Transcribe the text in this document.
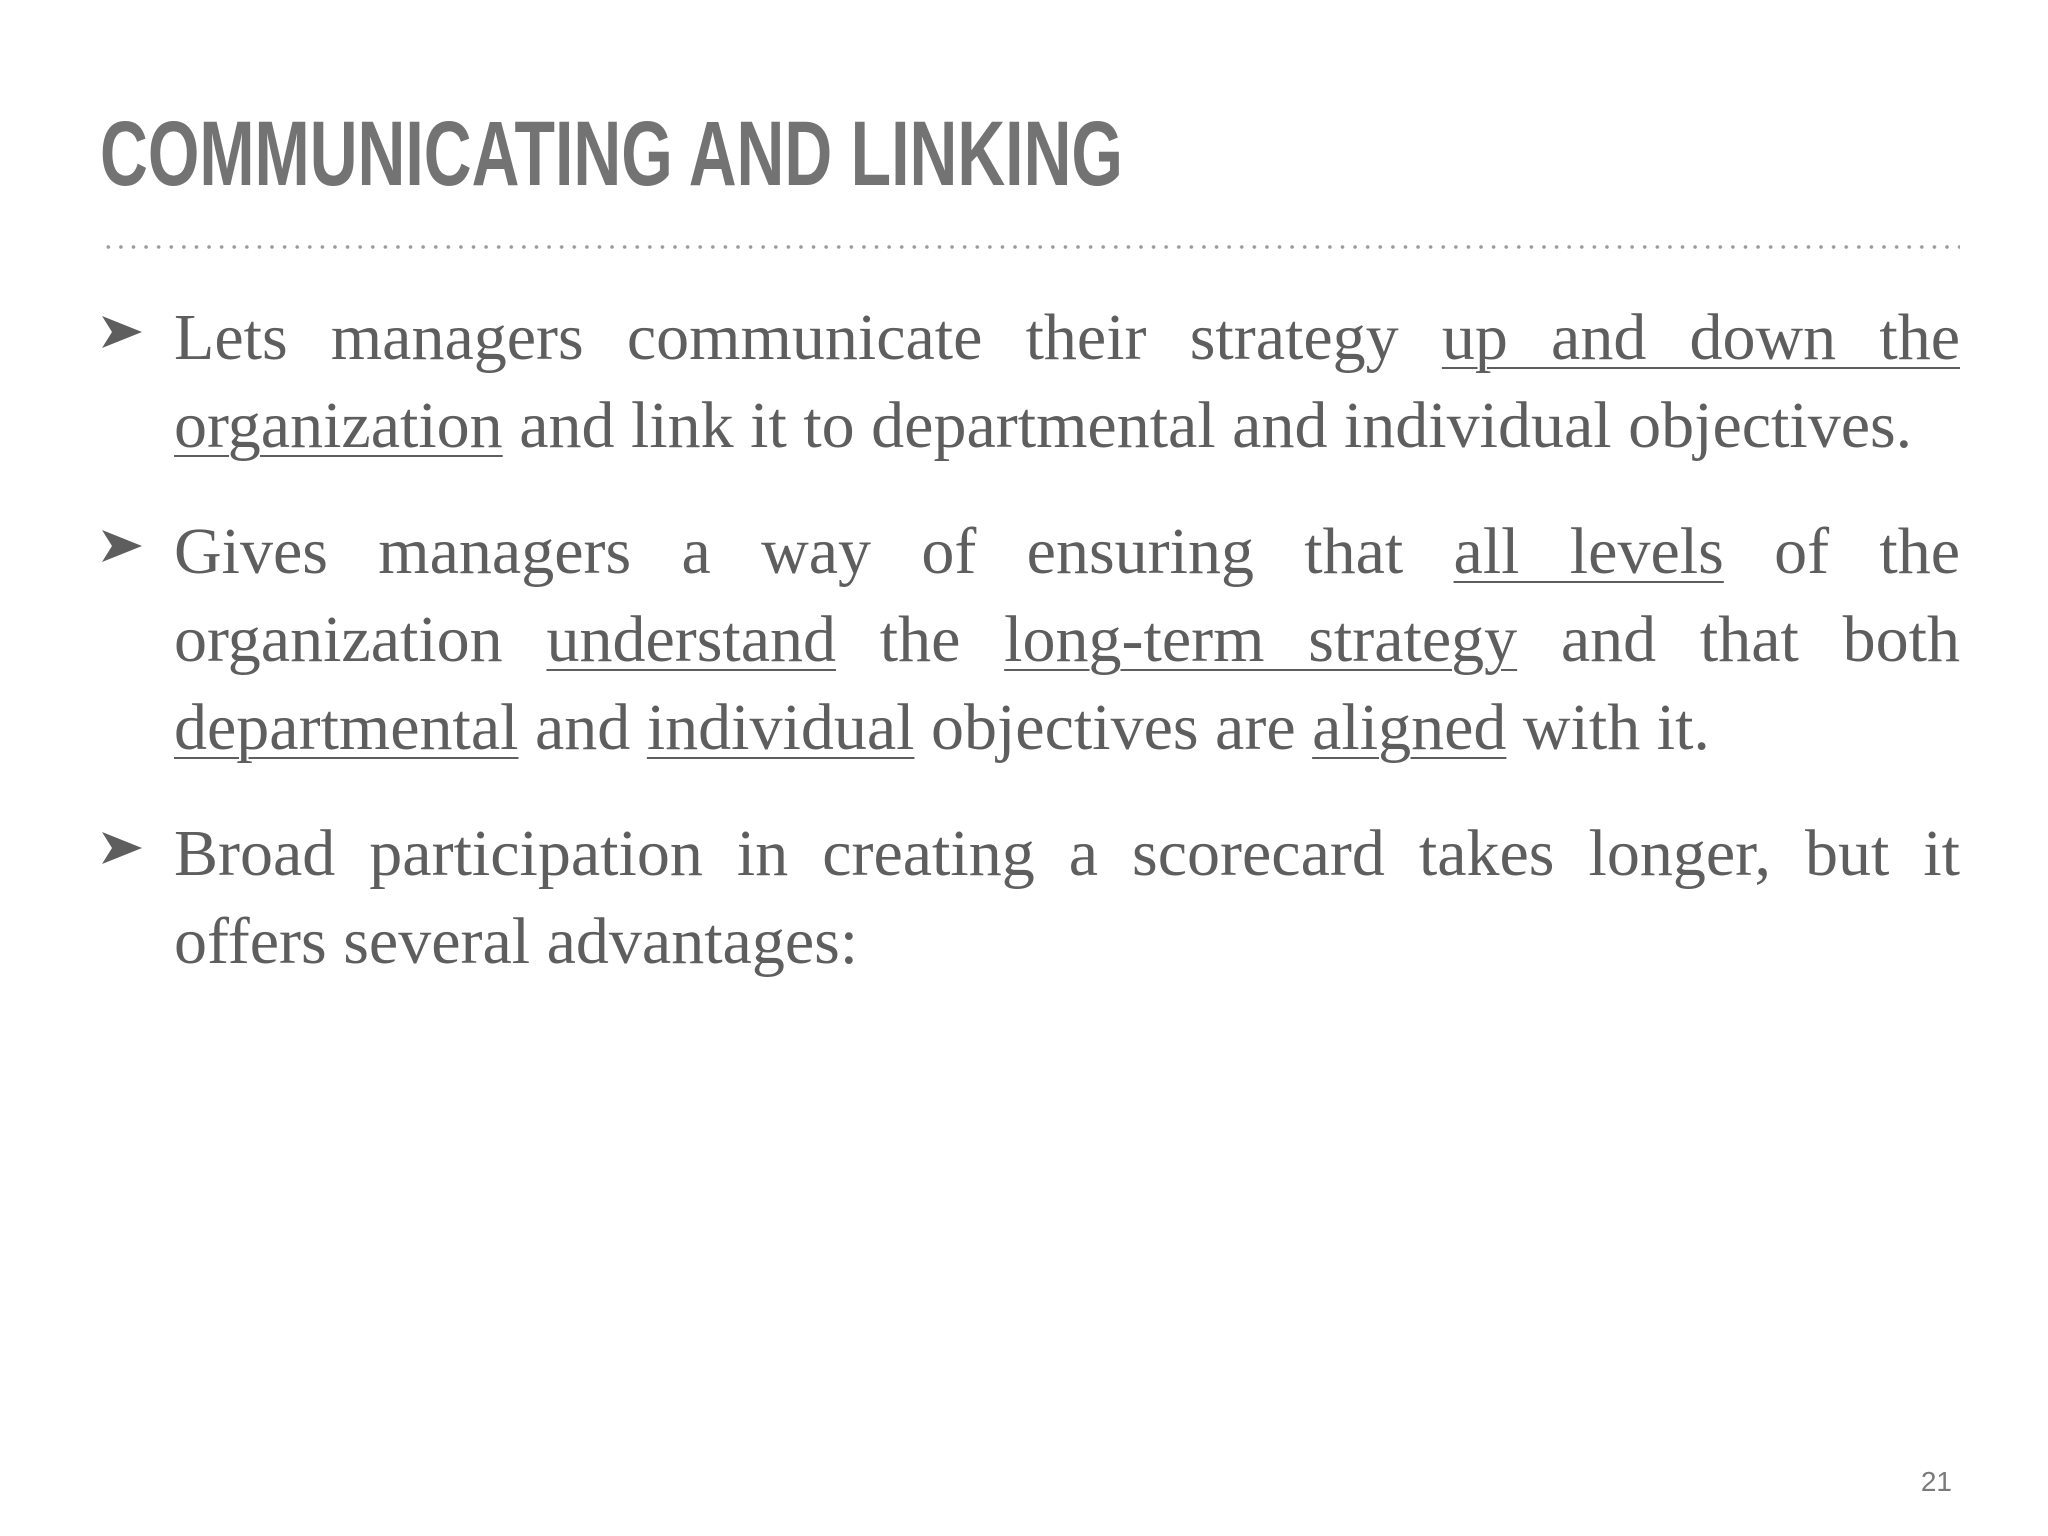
COMMUNICATING AND LINKING
Lets managers communicate their strategy up and down the organization and link it to departmental and individual objectives.
Gives managers a way of ensuring that all levels of the organization understand the long-term strategy and that both departmental and individual objectives are aligned with it.
Broad participation in creating a scorecard takes longer, but it offers several advantages:
21
